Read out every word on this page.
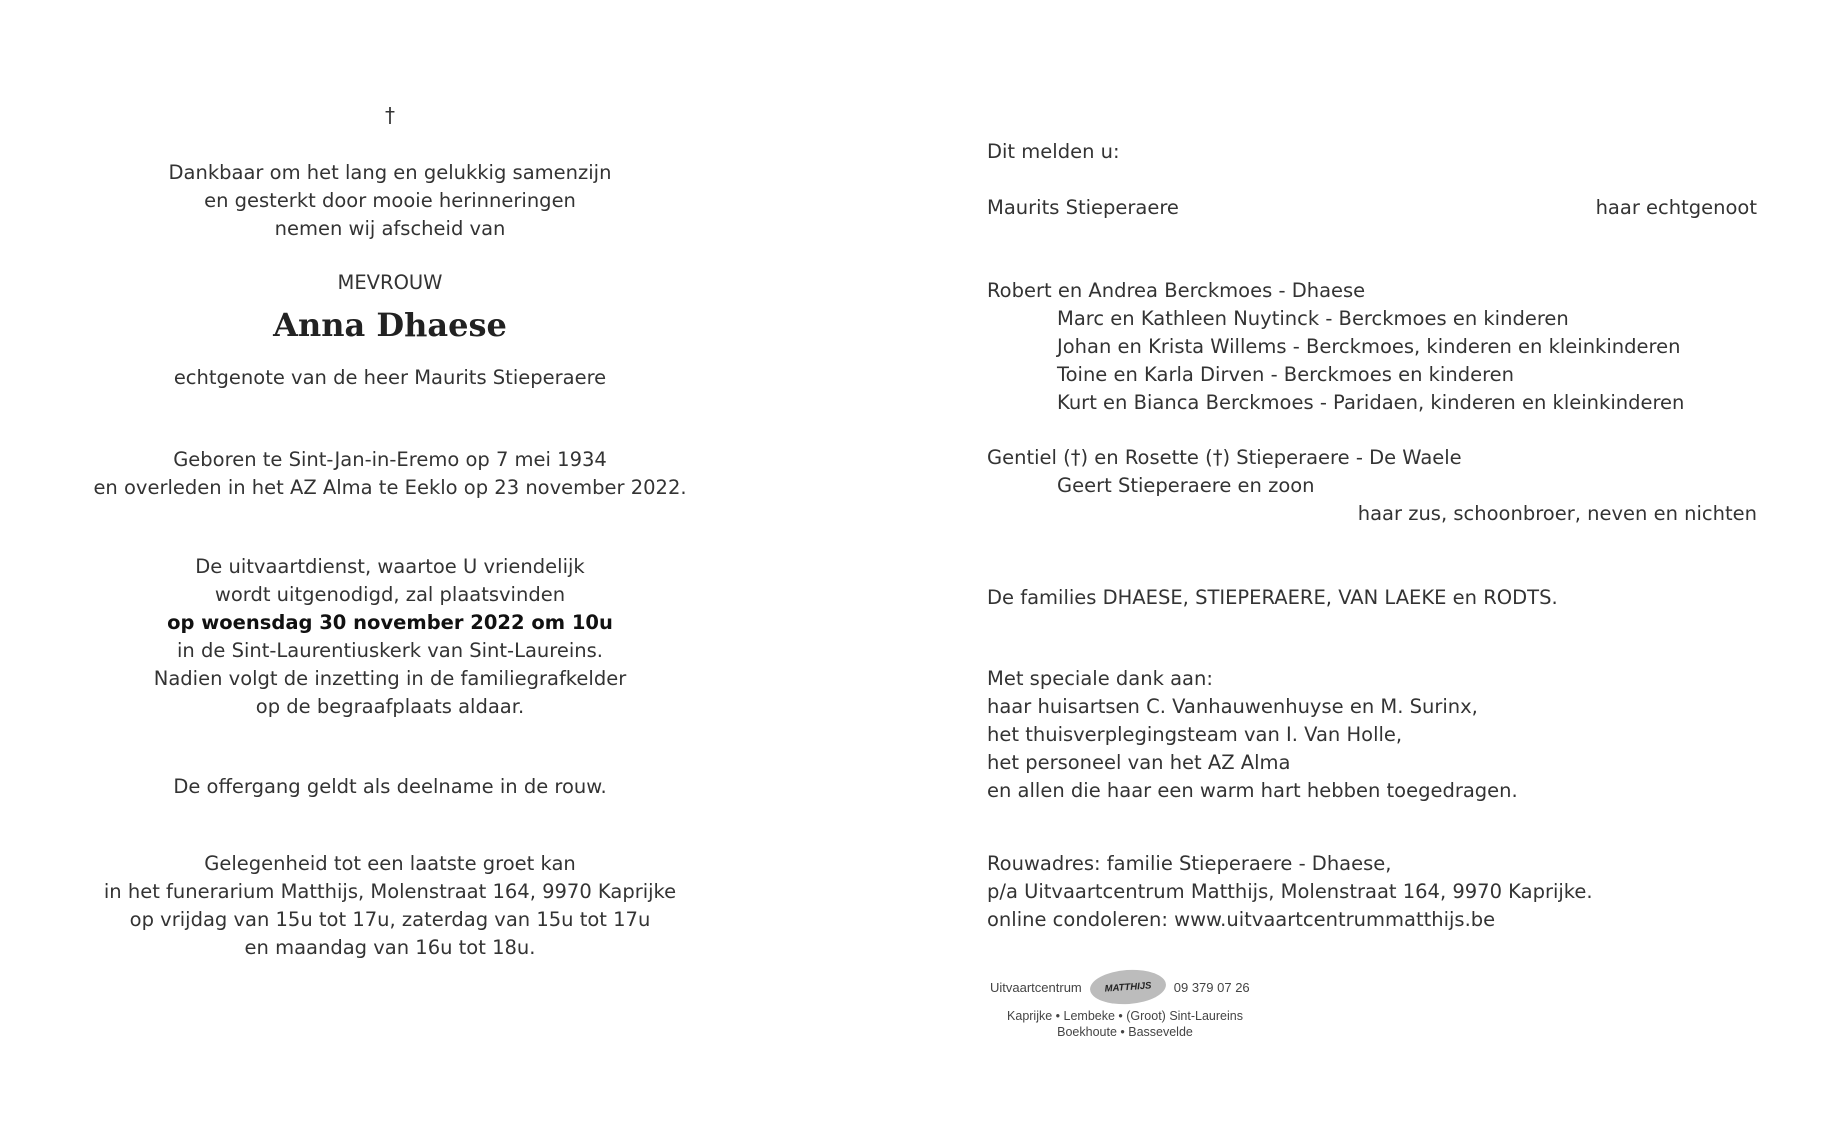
†
Dankbaar om het lang en gelukkig samenzijn
en gesterkt door mooie herinneringen
nemen wij afscheid van
MEVROUW
Anna Dhaese
echtgenote van de heer Maurits Stieperaere
Geboren te Sint-Jan-in-Eremo op 7 mei 1934
en overleden in het AZ Alma te Eeklo op 23 november 2022.
De uitvaartdienst, waartoe U vriendelijk
wordt uitgenodigd, zal plaatsvinden
op woensdag 30 november 2022 om 10u
in de Sint-Laurentiuskerk van Sint-Laureins.
Nadien volgt de inzetting in de familiegrafkelder
op de begraafplaats aldaar.
De offergang geldt als deelname in de rouw.
Gelegenheid tot een laatste groet kan
in het funerarium Matthijs, Molenstraat 164, 9970 Kaprijke
op vrijdag van 15u tot 17u, zaterdag van 15u tot 17u
en maandag van 16u tot 18u.
Dit melden u:
Maurits Stieperaere	haar echtgenoot
Robert en Andrea Berckmoes - Dhaese
Marc en Kathleen Nuytinck - Berckmoes en kinderen
Johan en Krista Willems - Berckmoes, kinderen en kleinkinderen
Toine en Karla Dirven - Berckmoes en kinderen
Kurt en Bianca Berckmoes - Paridaen, kinderen en kleinkinderen
Gentiel (†) en Rosette (†) Stieperaere - De Waele
Geert Stieperaere en zoon
haar zus, schoonbroer, neven en nichten
De families DHAESE, STIEPERAERE, VAN LAEKE en RODTS.
Met speciale dank aan:
haar huisartsen C. Vanhauwenhuyse en M. Surinx,
het thuisverplegingsteam van I. Van Holle,
het personeel van het AZ Alma
en allen die haar een warm hart hebben toegedragen.
Rouwadres: familie Stieperaere - Dhaese,
p/a Uitvaartcentrum Matthijs, Molenstraat 164, 9970 Kaprijke.
online condoleren: www.uitvaartcentrummatthijs.be
Uitvaartcentrum	MATTHIJS	09 379 07 26
Kaprijke • Lembeke • (Groot) Sint-Laureins
Boekhoute • Bassevelde
